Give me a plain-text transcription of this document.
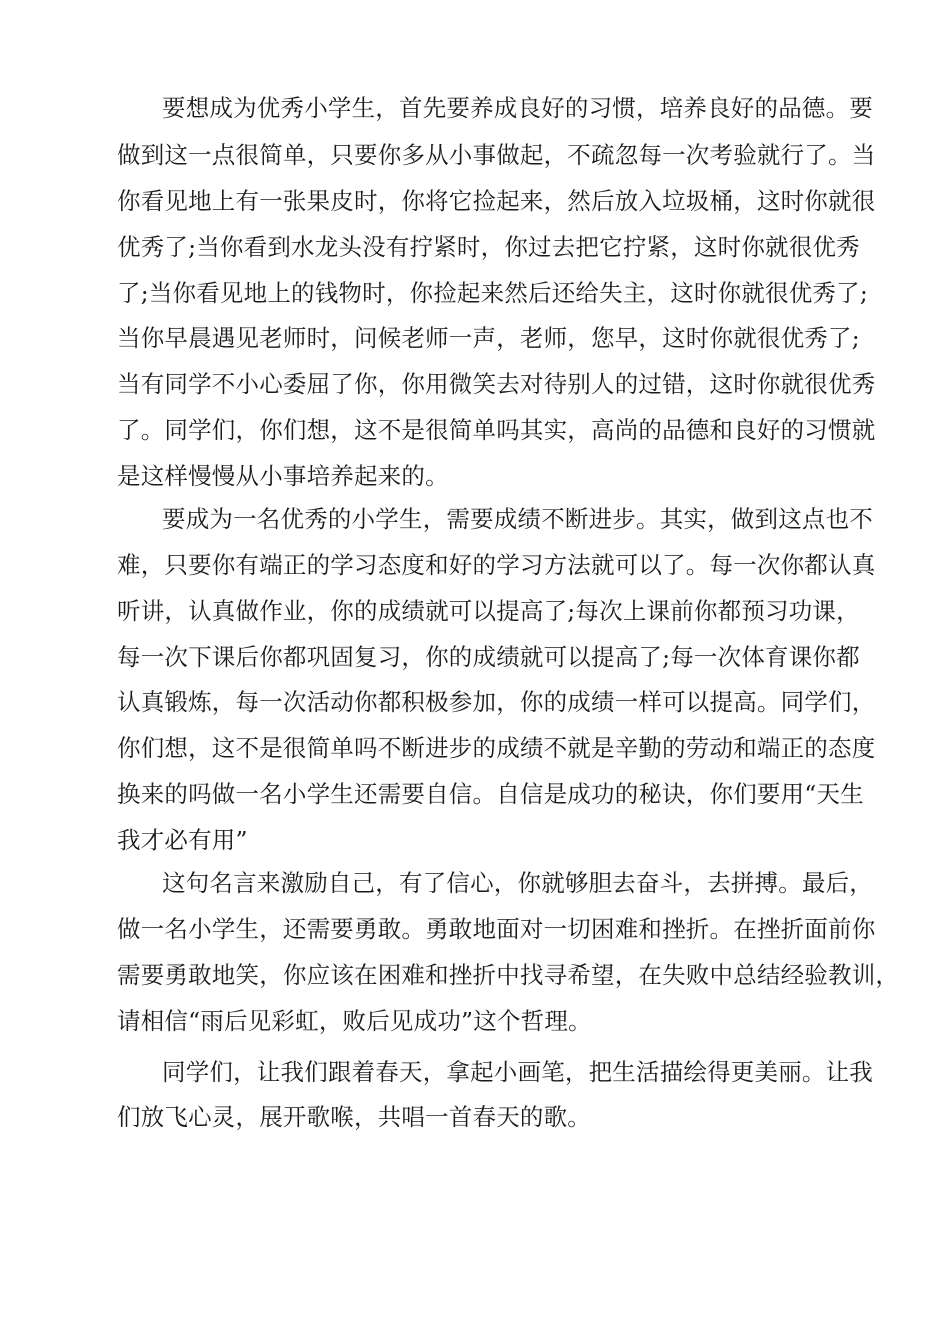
要想成为优秀小学生，首先要养成良好的习惯，培养良好的品德。要
做到这一点很简单，只要你多从小事做起，不疏忽每一次考验就行了。当
你看见地上有一张果皮时，你将它捡起来，然后放入垃圾桶，这时你就很
优秀了;当你看到水龙头没有拧紧时，你过去把它拧紧，这时你就很优秀
了;当你看见地上的钱物时，你捡起来然后还给失主，这时你就很优秀了;
当你早晨遇见老师时，问候老师一声，老师，您早，这时你就很优秀了;
当有同学不小心委屈了你，你用微笑去对待别人的过错，这时你就很优秀
了。同学们，你们想，这不是很简单吗其实，高尚的品德和良好的习惯就
是这样慢慢从小事培养起来的。
要成为一名优秀的小学生，需要成绩不断进步。其实，做到这点也不
难，只要你有端正的学习态度和好的学习方法就可以了。每一次你都认真
听讲，认真做作业，你的成绩就可以提高了;每次上课前你都预习功课，
每一次下课后你都巩固复习，你的成绩就可以提高了;每一次体育课你都
认真锻炼，每一次活动你都积极参加，你的成绩一样可以提高。同学们，
你们想，这不是很简单吗不断进步的成绩不就是辛勤的劳动和端正的态度
换来的吗做一名小学生还需要自信。自信是成功的秘诀，你们要用“天生
我才必有用”
这句名言来激励自己，有了信心，你就够胆去奋斗，去拼搏。最后，
做一名小学生，还需要勇敢。勇敢地面对一切困难和挫折。在挫折面前你
需要勇敢地笑，你应该在困难和挫折中找寻希望，在失败中总结经验教训，
请相信“雨后见彩虹，败后见成功”这个哲理。
同学们，让我们跟着春天，拿起小画笔，把生活描绘得更美丽。让我
们放飞心灵，展开歌喉，共唱一首春天的歌。
